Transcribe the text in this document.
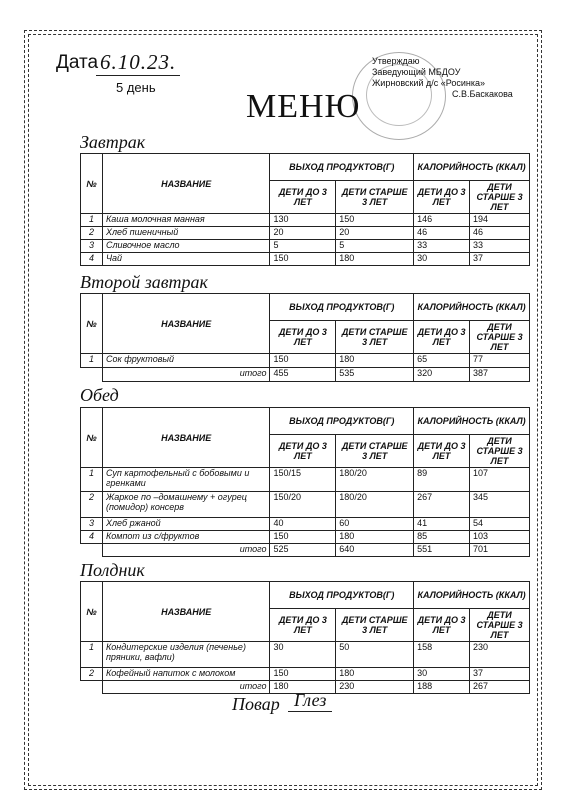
Дата 6.10.23.
5 день
Утверждаю
Заведующий МБДОУ
Жирновский д/с «Росинка»
С.В.Баскакова
МЕНЮ
Завтрак
№	НАЗВАНИЕ	ВЫХОД ПРОДУКТОВ(Г)		КАЛОРИЙНОСТЬ (ККАЛ)	
		ДЕТИ ДО 3 ЛЕТ	ДЕТИ СТАРШЕ 3 ЛЕТ	ДЕТИ ДО 3 ЛЕТ	ДЕТИ СТАРШЕ 3 ЛЕТ
1	Каша молочная манная	130	150	146	194
2	Хлеб пшеничный	20	20	46	46
3	Сливочное масло	5	5	33	33
4	Чай	150	180	30	37
Второй завтрак
№	НАЗВАНИЕ	ВЫХОД ПРОДУКТОВ(Г)		КАЛОРИЙНОСТЬ (ККАЛ)	
		ДЕТИ ДО 3 ЛЕТ	ДЕТИ СТАРШЕ 3 ЛЕТ	ДЕТИ ДО 3 ЛЕТ	ДЕТИ СТАРШЕ 3 ЛЕТ
1	Сок фруктовый	150	180	65	77
	итого	455	535	320	387
Обед
№	НАЗВАНИЕ	ВЫХОД ПРОДУКТОВ(Г)		КАЛОРИЙНОСТЬ (ККАЛ)	
		ДЕТИ ДО 3 ЛЕТ	ДЕТИ СТАРШЕ 3 ЛЕТ	ДЕТИ ДО 3 ЛЕТ	ДЕТИ СТАРШЕ 3 ЛЕТ
1	Суп картофельный с бобовыми и гренками	150/15	180/20	89	107
2	Жаркое по –домашнему + огурец (помидор) консерв	150/20	180/20	267	345
3	Хлеб ржаной	40	60	41	54
4	Компот из с/фруктов	150	180	85	103
	итого	525	640	551	701
Полдник
№	НАЗВАНИЕ	ВЫХОД ПРОДУКТОВ(Г)		КАЛОРИЙНОСТЬ (ККАЛ)	
		ДЕТИ ДО 3 ЛЕТ	ДЕТИ СТАРШЕ 3 ЛЕТ	ДЕТИ ДО 3 ЛЕТ	ДЕТИ СТАРШЕ 3 ЛЕТ
1	Кондитерские изделия (печенье) пряники, вафли)	30	50	158	230
2	Кофейный напиток с молоком	150	180	30	37
	итого	180	230	188	267
Повар Глез
